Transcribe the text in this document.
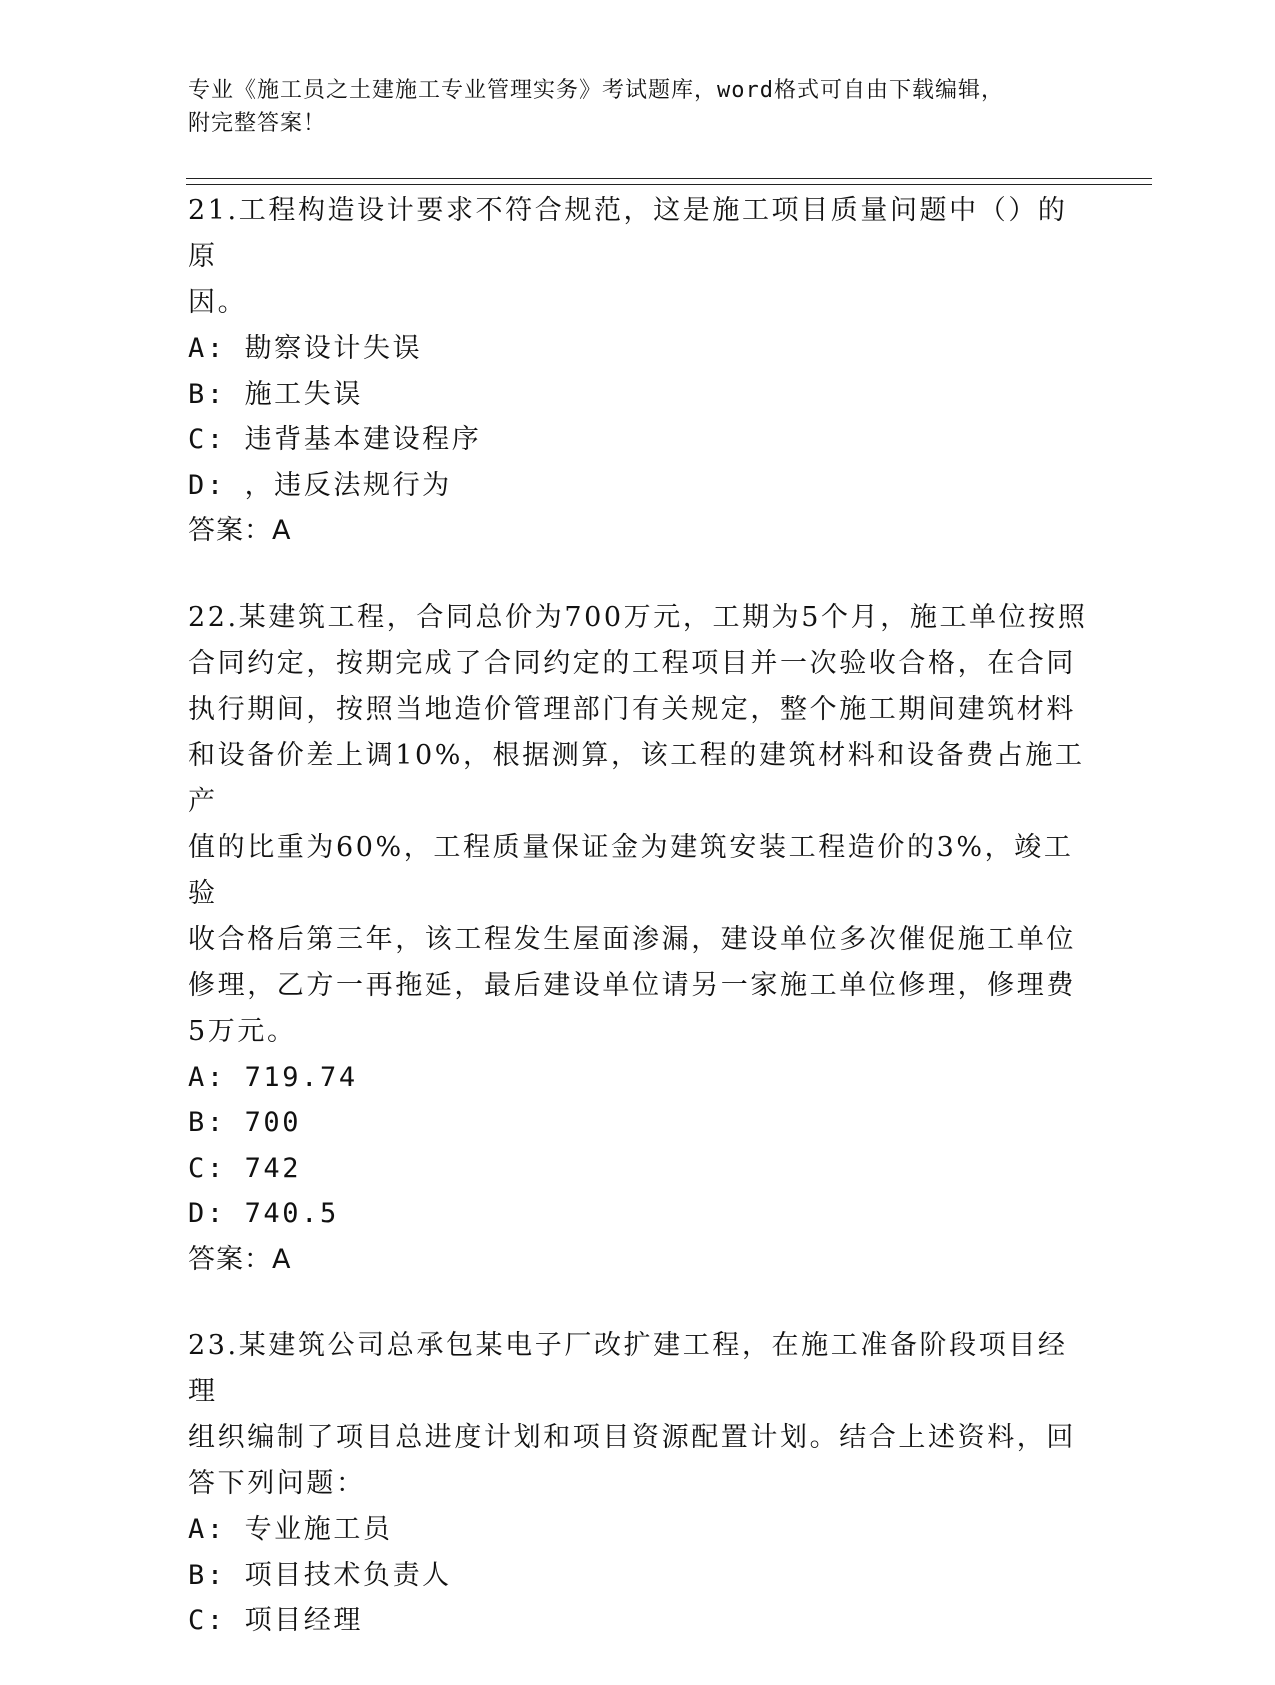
专业《施工员之土建施工专业管理实务》考试题库，word格式可自由下载编辑，
附完整答案！
21.工程构造设计要求不符合规范，这是施工项目质量问题中（）的原
因。
A: 勘察设计失误
B: 施工失误
C: 违背基本建设程序
D: ，违反法规行为
答案：A
22.某建筑工程，合同总价为700万元，工期为5个月，施工单位按照
合同约定，按期完成了合同约定的工程项目并一次验收合格，在合同
执行期间，按照当地造价管理部门有关规定，整个施工期间建筑材料
和设备价差上调10%，根据测算，该工程的建筑材料和设备费占施工产
值的比重为60%，工程质量保证金为建筑安装工程造价的3%，竣工验
收合格后第三年，该工程发生屋面渗漏，建设单位多次催促施工单位
修理，乙方一再拖延，最后建设单位请另一家施工单位修理，修理费
5万元。
A: 719.74
B: 700
C: 742
D: 740.5
答案：A
23.某建筑公司总承包某电子厂改扩建工程，在施工准备阶段项目经理
组织编制了项目总进度计划和项目资源配置计划。结合上述资料，回
答下列问题：
A: 专业施工员
B: 项目技术负责人
C: 项目经理
